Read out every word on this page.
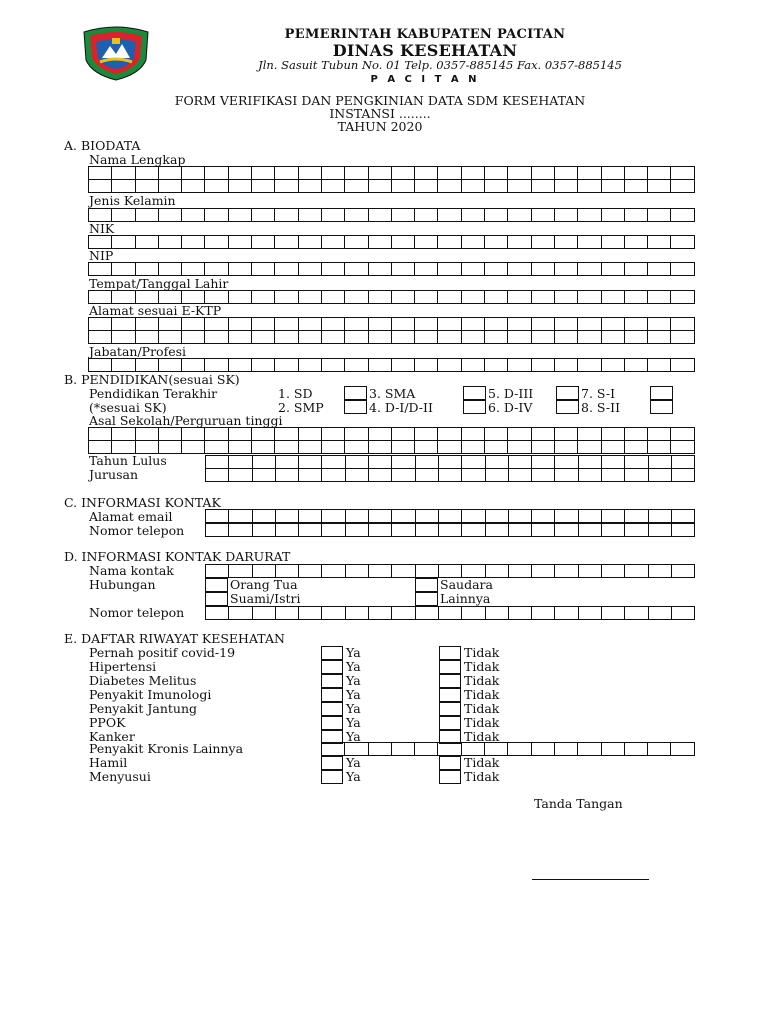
PEMERINTAH KABUPATEN PACITAN
DINAS KESEHATAN
Jln. Sasuit Tubun No. 01 Telp. 0357-885145 Fax. 0357-885145
P A C I T A N
FORM VERIFIKASI DAN PENGKINIAN DATA SDM KESEHATAN
INSTANSI ........
TAHUN 2020
A. BIODATA
Nama Lengkap
Jenis Kelamin
NIK
NIP
Tempat/Tanggal Lahir
Alamat sesuai E-KTP
Jabatan/Profesi
B. PENDIDIKAN(sesuai SK)
Pendidikan Terakhir
(*sesuai SK)
1. SD	3. SMA	5. D-III	7. S-I
2. SMP	4. D-I/D-II	6. D-IV	8. S-II
Asal Sekolah/Perguruan tinggi
Tahun Lulus
Jurusan
C. INFORMASI KONTAK
Alamat email
Nomor telepon
D. INFORMASI KONTAK DARURAT
Nama kontak
Hubungan	Orang Tua	Saudara
Suami/Istri	Lainnya
Nomor telepon
E. DAFTAR RIWAYAT KESEHATAN
Pernah positif covid-19	Ya	Tidak
Hipertensi	Ya	Tidak
Diabetes Melitus	Ya	Tidak
Penyakit Imunologi	Ya	Tidak
Penyakit Jantung	Ya	Tidak
PPOK	Ya	Tidak
Kanker	Ya	Tidak
Penyakit Kronis Lainnya
Hamil	Ya	Tidak
Menyusui	Ya	Tidak
Tanda Tangan
